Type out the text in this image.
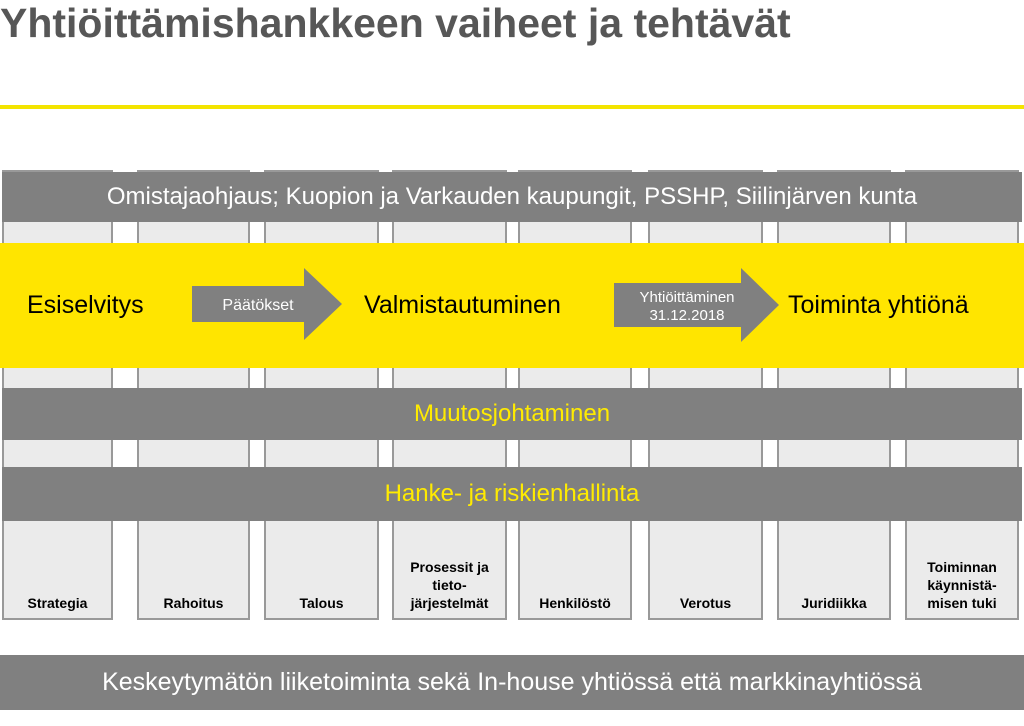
Yhtiöittämishankkeen vaiheet ja tehtävät
Strategia	Rahoitus	Talous
Prosessit ja
tieto-
järjestelmät	Henkilöstö	Verotus	Juridiikka
Toiminnan
käynnistä-
misen tuki
Omistajaohjaus; Kuopion ja Varkauden kaupungit, PSSHP, Siilinjärven kunta
Esiselvitys	Päätökset	Valmistautuminen	Yhtiöittäminen
31.12.2018	Toiminta yhtiönä
Muutosjohtaminen
Hanke- ja riskienhallinta
Keskeytymätön liiketoiminta sekä In-house yhtiössä että markkinayhtiössä
